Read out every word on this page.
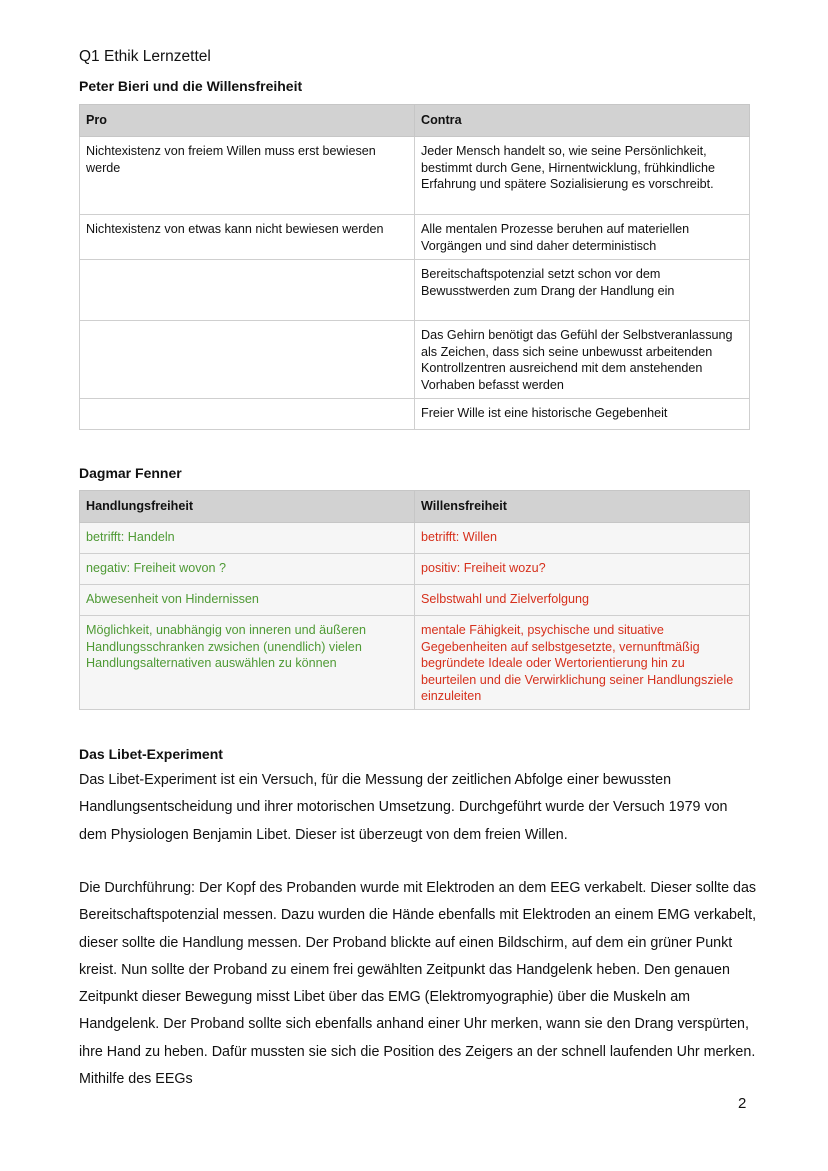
Q1 Ethik Lernzettel
Peter Bieri und die Willensfreiheit
Pro	Contra
Nichtexistenz von freiem Willen muss erst bewiesen werde	Jeder Mensch handelt so, wie seine Persönlichkeit, bestimmt durch Gene, Hirnentwicklung, frühkindliche Erfahrung und spätere Sozialisierung es vorschreibt.
Nichtexistenz von etwas kann nicht bewiesen werden	Alle mentalen Prozesse beruhen auf materiellen Vorgängen und sind daher deterministisch
	Bereitschaftspotenzial setzt schon vor dem Bewusstwerden zum Drang der Handlung ein
	Das Gehirn benötigt das Gefühl der Selbstveranlassung als Zeichen, dass sich seine unbewusst arbeitenden Kontrollzentren ausreichend mit dem anstehenden Vorhaben befasst werden
	Freier Wille ist eine historische Gegebenheit
Dagmar Fenner
Handlungsfreiheit	Willensfreiheit
betrifft: Handeln	betrifft: Willen
negativ: Freiheit wovon ?	positiv: Freiheit wozu?
Abwesenheit von Hindernissen	Selbstwahl und Zielverfolgung
Möglichkeit, unabhängig von inneren und äußeren Handlungsschranken zwsichen (unendlich) vielen Handlungsalternativen auswählen zu können	mentale Fähigkeit, psychische und situative Gegebenheiten auf selbstgesetzte, vernunftmäßig begründete Ideale oder Wertorientierung hin zu beurteilen und die Verwirklichung seiner Handlungsziele einzuleiten
Das Libet-Experiment
Das Libet-Experiment ist ein Versuch, für die Messung der zeitlichen Abfolge einer bewussten Handlungsentscheidung und ihrer motorischen Umsetzung. Durchgeführt wurde der Versuch 1979 von dem Physiologen Benjamin Libet. Dieser ist überzeugt von dem freien Willen.
Die Durchführung: Der Kopf des Probanden wurde mit Elektroden an dem EEG verkabelt. Dieser sollte das Bereitschaftspotenzial messen. Dazu wurden die Hände ebenfalls mit Elektroden an einem EMG verkabelt, dieser sollte die Handlung messen. Der Proband blickte auf einen Bildschirm, auf dem ein grüner Punkt kreist. Nun sollte der Proband zu einem frei gewählten Zeitpunkt das Handgelenk heben. Den genauen Zeitpunkt dieser Bewegung misst Libet über das EMG (Elektromyographie) über die Muskeln am Handgelenk. Der Proband sollte sich ebenfalls anhand einer Uhr merken, wann sie den Drang verspürten, ihre Hand zu heben. Dafür mussten sie sich die Position des Zeigers an der schnell laufenden Uhr merken. Mithilfe des EEGs
2
